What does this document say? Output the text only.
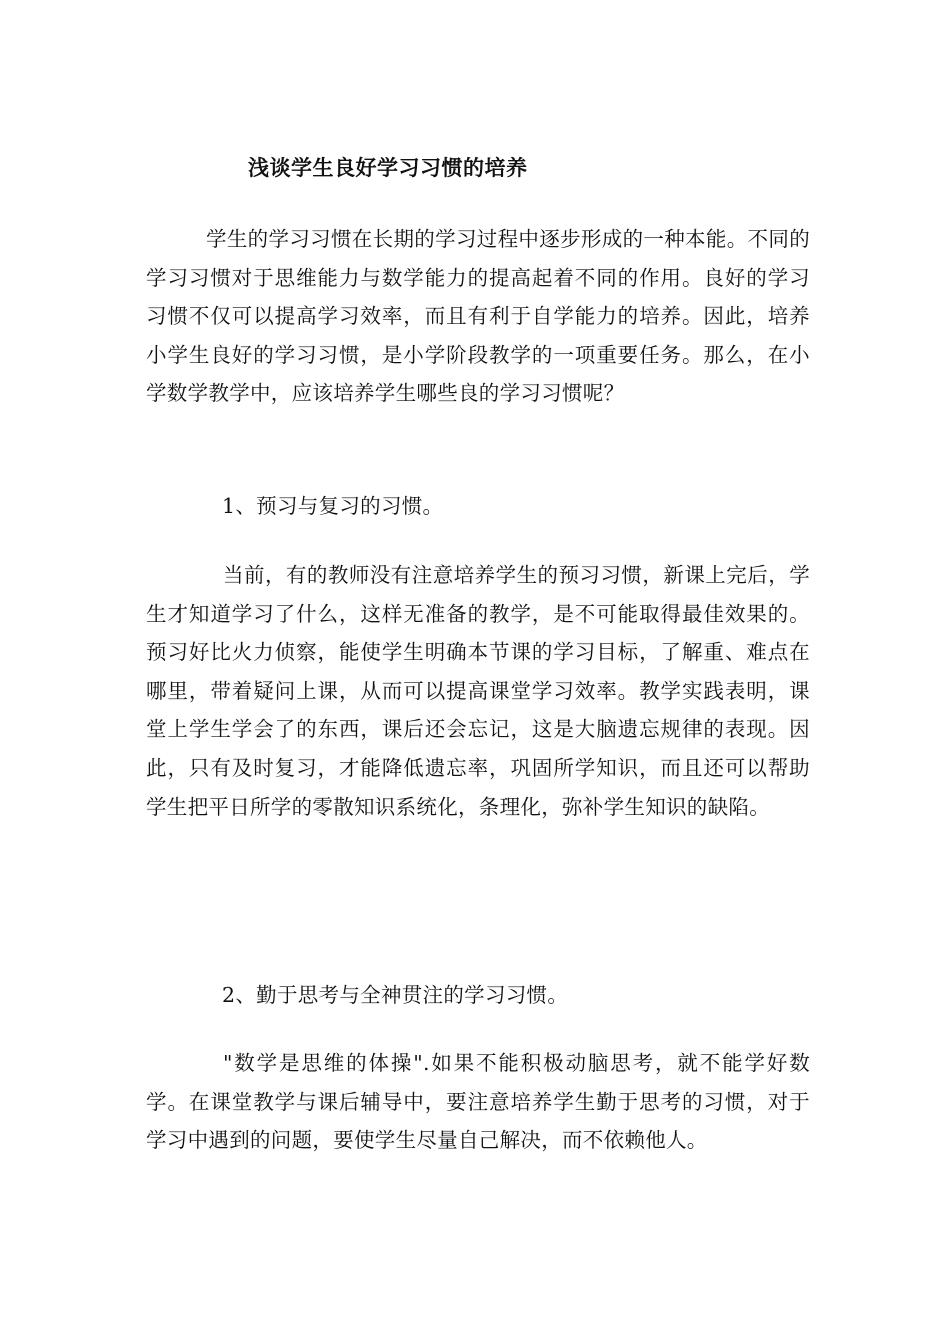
浅谈学生良好学习习惯的培养

学生的学习习惯在长期的学习过程中逐步形成的一种本能。不同的学习习惯对于思维能力与数学能力的提高起着不同的作用。良好的学习习惯不仅可以提高学习效率，而且有利于自学能力的培养。因此，培养小学生良好的学习习惯，是小学阶段教学的一项重要任务。那么，在小学数学教学中，应该培养学生哪些良的学习习惯呢？

1、预习与复习的习惯。

当前，有的教师没有注意培养学生的预习习惯，新课上完后，学生才知道学习了什么，这样无准备的教学，是不可能取得最佳效果的。预习好比火力侦察，能使学生明确本节课的学习目标，了解重、难点在哪里，带着疑问上课，从而可以提高课堂学习效率。教学实践表明，课堂上学生学会了的东西，课后还会忘记，这是大脑遗忘规律的表现。因此，只有及时复习，才能降低遗忘率，巩固所学知识，而且还可以帮助学生把平日所学的零散知识系统化，条理化，弥补学生知识的缺陷。

2、勤于思考与全神贯注的学习习惯。

"数学是思维的体操".如果不能积极动脑思考，就不能学好数学。在课堂教学与课后辅导中，要注意培养学生勤于思考的习惯，对于学习中遇到的问题，要使学生尽量自己解决，而不依赖他人。
